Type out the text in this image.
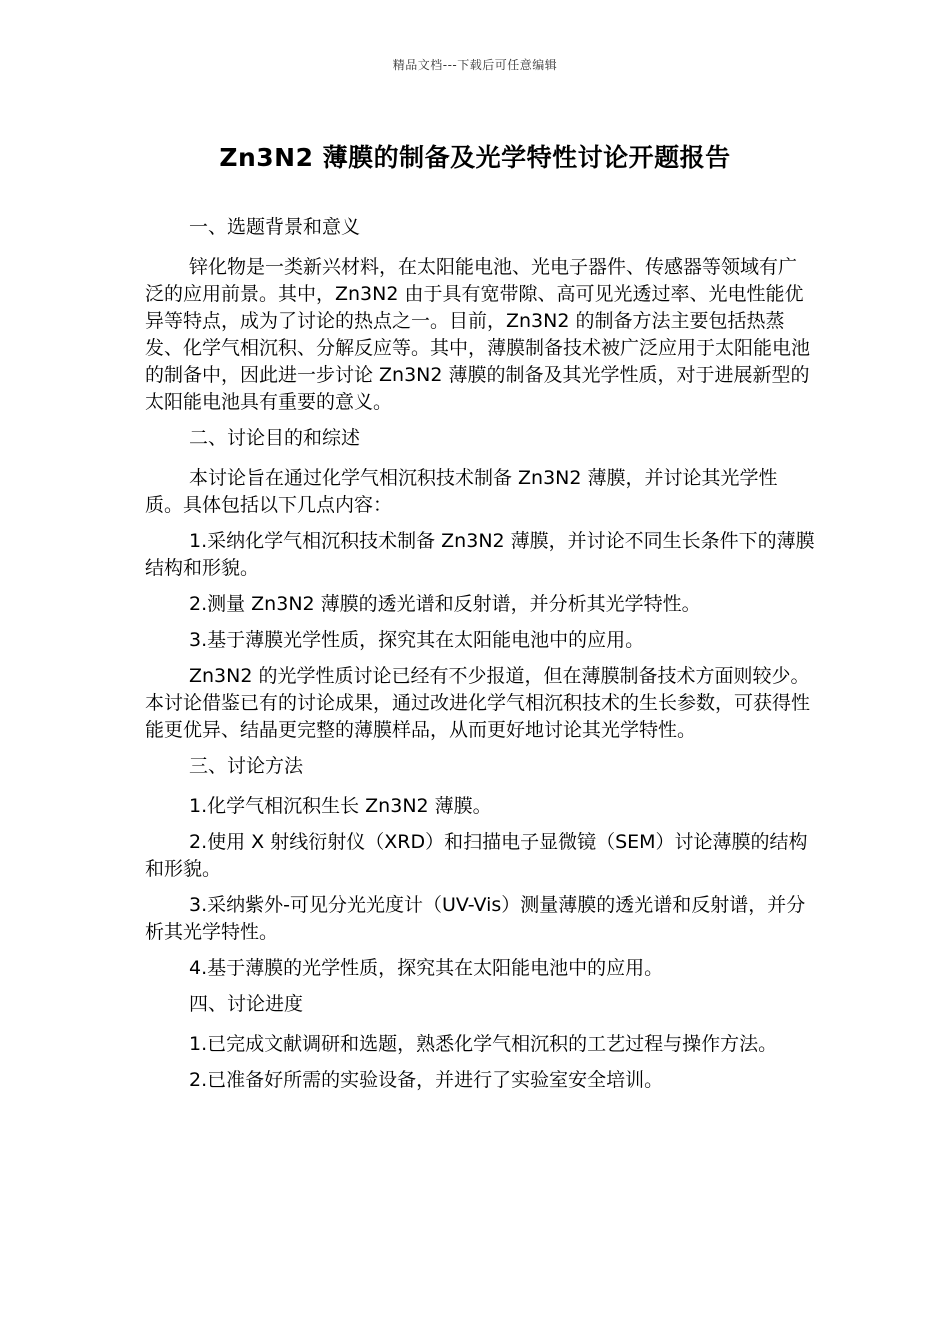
精品文档---下载后可任意编辑
Zn3N2 薄膜的制备及光学特性讨论开题报告

一、选题背景和意义

锌化物是一类新兴材料，在太阳能电池、光电子器件、传感器等领域有广泛的应用前景。其中，Zn3N2 由于具有宽带隙、高可见光透过率、光电性能优异等特点，成为了讨论的热点之一。目前，Zn3N2 的制备方法主要包括热蒸发、化学气相沉积、分解反应等。其中，薄膜制备技术被广泛应用于太阳能电池的制备中，因此进一步讨论 Zn3N2 薄膜的制备及其光学性质，对于进展新型的太阳能电池具有重要的意义。

二、讨论目的和综述

本讨论旨在通过化学气相沉积技术制备 Zn3N2 薄膜，并讨论其光学性质。具体包括以下几点内容：

1.采纳化学气相沉积技术制备 Zn3N2 薄膜，并讨论不同生长条件下的薄膜结构和形貌。

2.测量 Zn3N2 薄膜的透光谱和反射谱，并分析其光学特性。

3.基于薄膜光学性质，探究其在太阳能电池中的应用。

Zn3N2 的光学性质讨论已经有不少报道，但在薄膜制备技术方面则较少。本讨论借鉴已有的讨论成果，通过改进化学气相沉积技术的生长参数，可获得性能更优异、结晶更完整的薄膜样品，从而更好地讨论其光学特性。

三、讨论方法

1.化学气相沉积生长 Zn3N2 薄膜。

2.使用 X 射线衍射仪（XRD）和扫描电子显微镜（SEM）讨论薄膜的结构和形貌。

3.采纳紫外-可见分光光度计（UV-Vis）测量薄膜的透光谱和反射谱，并分析其光学特性。

4.基于薄膜的光学性质，探究其在太阳能电池中的应用。

四、讨论进度

1.已完成文献调研和选题，熟悉化学气相沉积的工艺过程与操作方法。

2.已准备好所需的实验设备，并进行了实验室安全培训。
